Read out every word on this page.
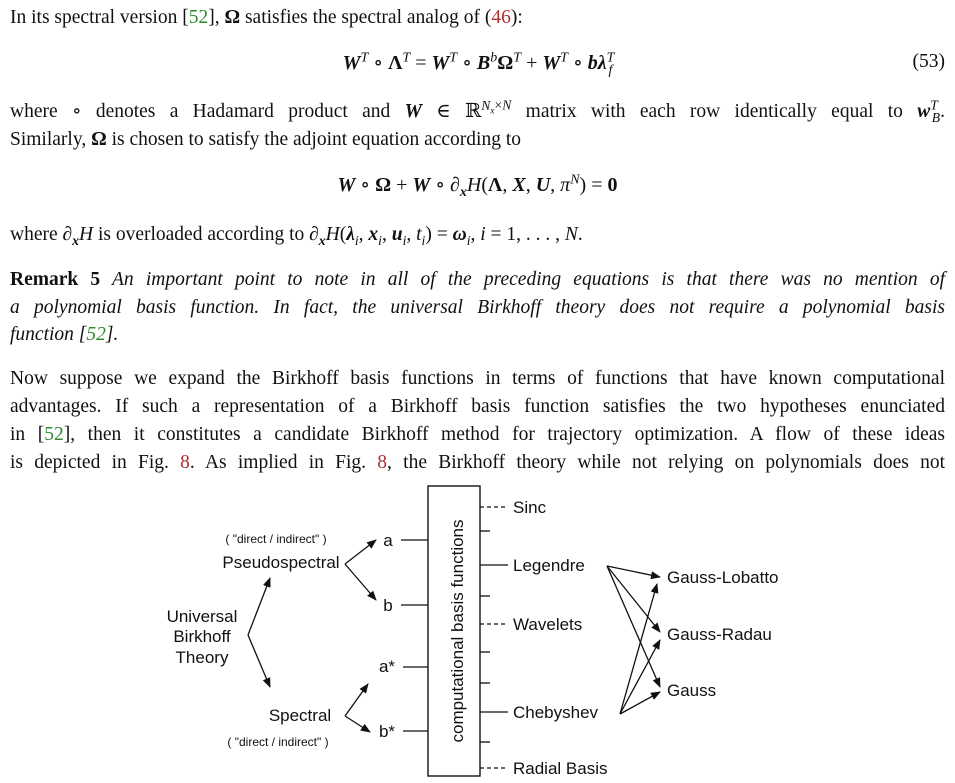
In its spectral version [52], Ω satisfies the spectral analog of (46):
$W^T$ ∘ $\Lambda^T = W^T$ ∘ $B^b\Omega^T + W^T$ ∘ $b\lambda^T_f$	(53)
where ∘ denotes a Hadamard product and W ∈ ℝ$^{N_x\times N}$ matrix with each row identically equal to $w^T_B$.
Similarly, Ω is chosen to satisfy the adjoint equation according to
W ∘ Ω + W ∘ $\partial_xH(\Lambda$, X, U, $\pi^N) = 0$
where $\partial_xH$ is overloaded according to $\partial_xH(\lambda_i$, $x_i$, $u_i$, $t_i) = \omega_i$, i = 1, . . . , N.
Remark 5 An important point to note in all of the preceding equations is that there was no mention of
a polynomial basis function. In fact, the universal Birkhoff theory does not require a polynomial basis
function [52].
Now suppose we expand the Birkhoff basis functions in terms of functions that have known computational
advantages. If such a representation of a Birkhoff basis function satisfies the two hypotheses enunciated
in [52], then it constitutes a candidate Birkhoff method for trajectory optimization. A flow of these ideas
is depicted in Fig. 8. As implied in Fig. 8, the Birkhoff theory while not relying on polynomials does not
Universal
Birkhoff
Theory
( "direct / indirect" )
Pseudospectral
Spectral
( "direct / indirect" )
a
b
a*
b*	computational basis functions
Sinc
Legendre
Wavelets
Chebyshev
Radial Basis
Gauss-Lobatto
Gauss-Radau
Gauss
